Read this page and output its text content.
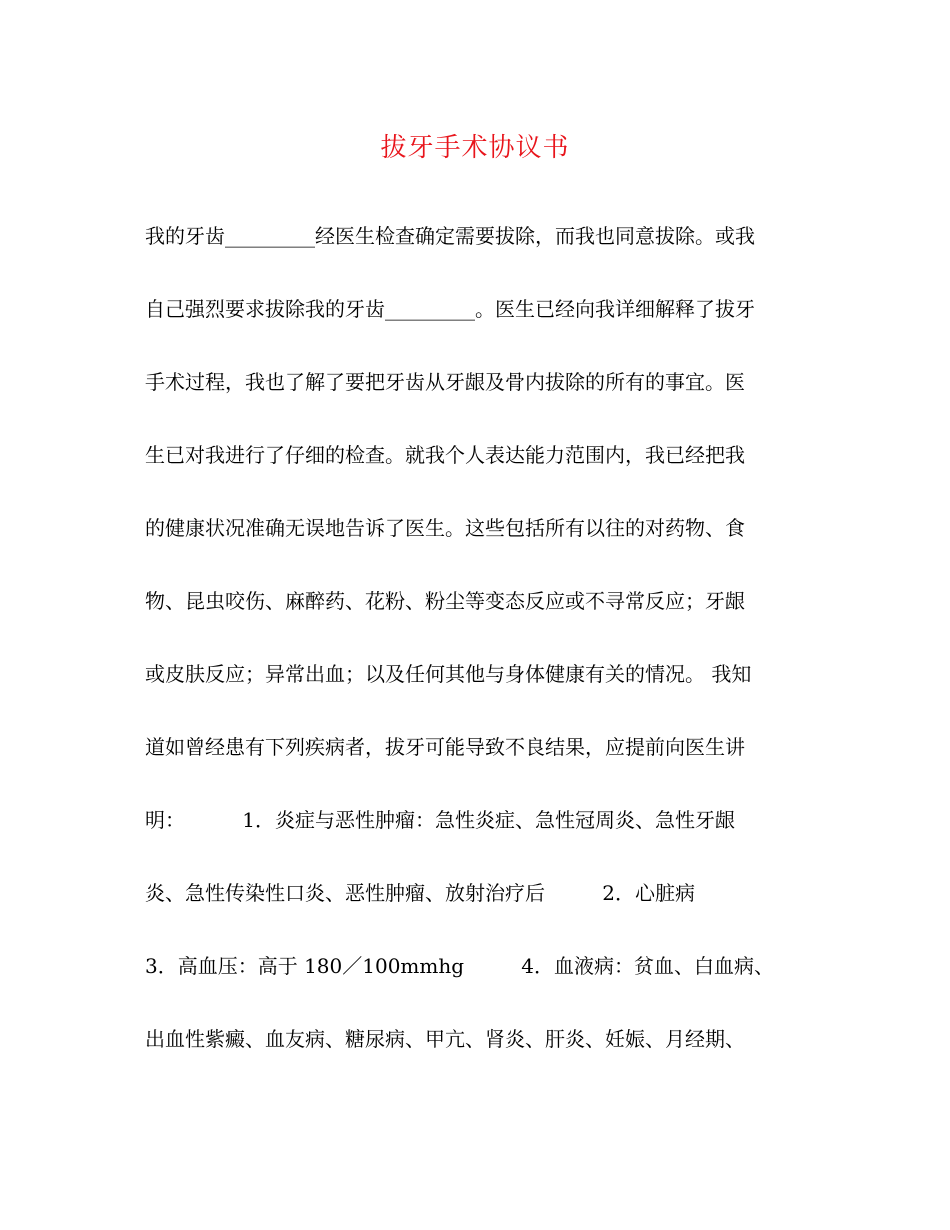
拔牙手术协议书
我的牙齿_________经医生检查确定需要拔除，而我也同意拔除。或我
自己强烈要求拔除我的牙齿_________。医生已经向我详细解释了拔牙
手术过程，我也了解了要把牙齿从牙龈及骨内拔除的所有的事宜。医
生已对我进行了仔细的检查。就我个人表达能力范围内，我已经把我
的健康状况准确无误地告诉了医生。这些包括所有以往的对药物、食
物、昆虫咬伤、麻醉药、花粉、粉尘等变态反应或不寻常反应；牙龈
或皮肤反应；异常出血；以及任何其他与身体健康有关的情况。 我知
道如曾经患有下列疾病者，拔牙可能导致不良结果，应提前向医生讲
明：         1．炎症与恶性肿瘤：急性炎症、急性冠周炎、急性牙龈
炎、急性传染性口炎、恶性肿瘤、放射治疗后         2．心脏病
3．高血压：高于 180／100mmhg         4．血液病：贫血、白血病、
出血性紫癜、血友病、糖尿病、甲亢、肾炎、肝炎、妊娠、月经期、
